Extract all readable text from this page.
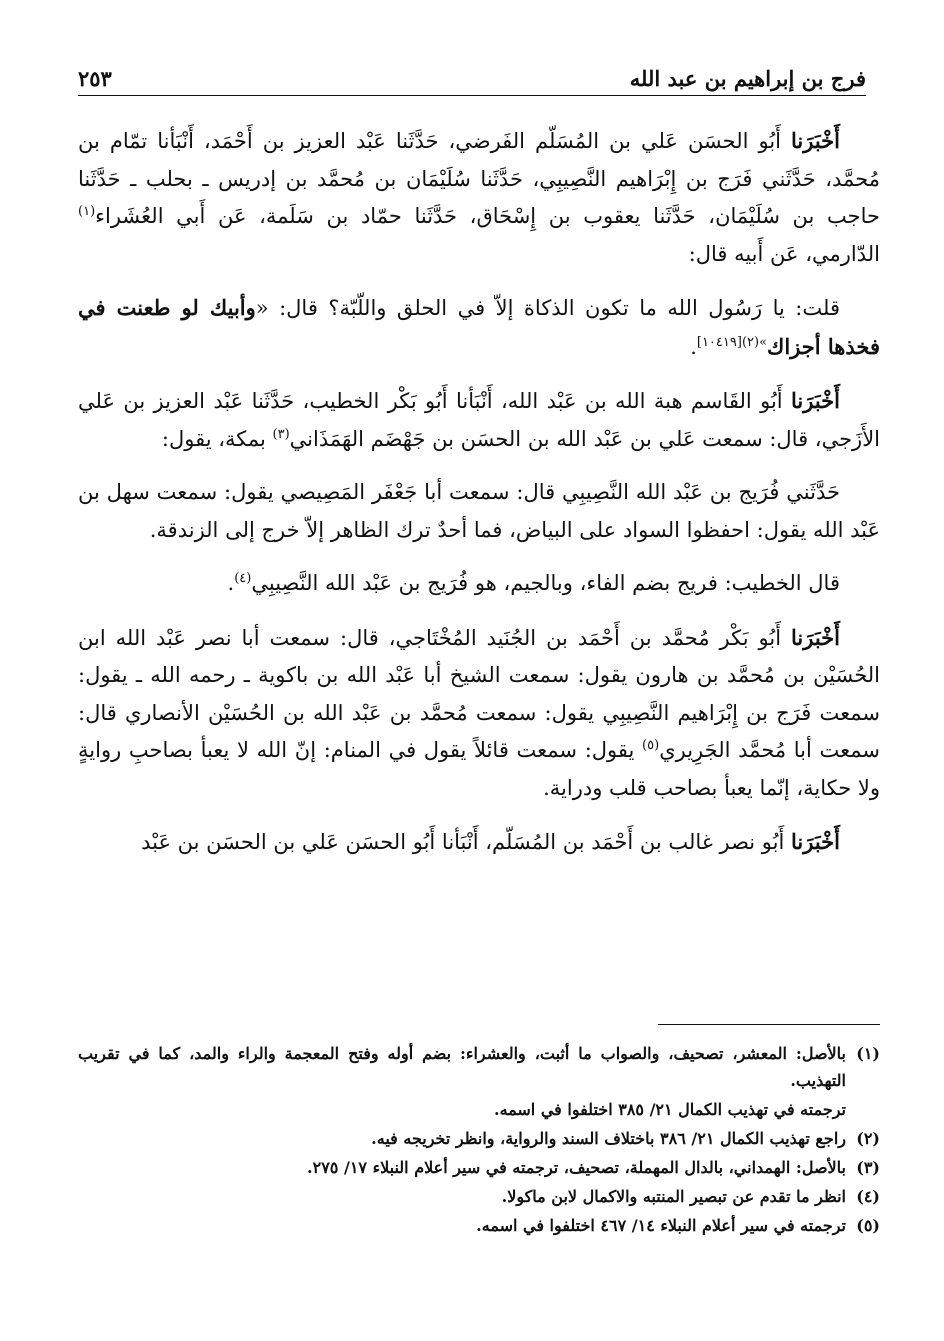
فرج بن إبراهيم بن عبد الله
٢٥٣

أَخْبَرَنا أَبُو الحسَن عَلي بن المُسَلّم الفَرضي، حَدَّثَنا عَبْد العزيز بن أَحْمَد، أَنْبَأنا تمّام بن مُحمَّد، حَدَّثَني فَرَج بن إِبْرَاهيم النَّصِيبِي، حَدَّثَنا سُلَيْمَان بن مُحمَّد بن إدريس ـ بحلب ـ حَدَّثَنا حاجب بن سُلَيْمَان، حَدَّثَنا يعقوب بن إِسْحَاق، حَدَّثَنا حمّاد بن سَلَمة، عَن أَبي العُشَراء$^{(١)}$ الدّارمي، عَن أَبيه قال:

قلت: يا رَسُول الله ما تكون الذكاة إلاّ في الحلق واللّبّة؟ قال: «وأبيك لو طعنت في فخذها أجزاك$^{»(٢)[١٠٤١٩]}$.

أَخْبَرَنا أَبُو القَاسم هبة الله بن عَبْد الله، أَنْبَأنا أَبُو بَكْر الخطيب، حَدَّثَنا عَبْد العزيز بن عَلي الأَزَجي، قال: سمعت عَلي بن عَبْد الله بن الحسَن بن جَهْضَم الهَمَذَاني$^{(٣)}$ بمكة، يقول:

حَدَّثَني فُرَيج بن عَبْد الله النَّصِيبِي قال: سمعت أبا جَعْفَر المَصِيصي يقول: سمعت سهل بن عَبْد الله يقول: احفظوا السواد على البياض، فما أحدٌ ترك الظاهر إلاّ خرج إلى الزندقة.

قال الخطيب: فريج بضم الفاء، وبالجيم، هو فُرَيج بن عَبْد الله النَّصِيبِي$^{(٤)}$.

أَخْبَرَنا أَبُو بَكْر مُحمَّد بن أَحْمَد بن الجُنَيد المُخْتَاجي، قال: سمعت أبا نصر عَبْد الله ابن الحُسَيْن بن مُحمَّد بن هارون يقول: سمعت الشيخ أبا عَبْد الله بن باكوية ـ رحمه الله ـ يقول: سمعت فَرَج بن إِبْرَاهيم النَّصِيبِي يقول: سمعت مُحمَّد بن عَبْد الله بن الحُسَيْن الأنصاري قال: سمعت أبا مُحمَّد الجَرِيري$^{(٥)}$ يقول: سمعت قائلاً يقول في المنام: إنّ الله لا يعبأ بصاحبِ روايةٍ ولا حكاية، إنّما يعبأ بصاحب قلب ودراية.

أَخْبَرَنا أَبُو نصر غالب بن أَحْمَد بن المُسَلّم، أَنْبَأنا أَبُو الحسَن عَلي بن الحسَن بن عَبْد

(١)
بالأصل: المعشر، تصحيف، والصواب ما أثبت، والعشراء: بضم أوله وفتح المعجمة والراء والمد، كما في تقريب التهذيب.
ترجمته في تهذيب الكمال ٢١/ ٣٨٥ اختلفوا في اسمه.
(٢)
راجع تهذيب الكمال ٢١/ ٣٨٦ باختلاف السند والرواية، وانظر تخريجه فيه.
(٣)
بالأصل: الهمداني، بالدال المهملة، تصحيف، ترجمته في سير أعلام النبلاء ١٧/ ٢٧٥.
(٤)
انظر ما تقدم عن تبصير المنتبه والاكمال لابن ماكولا.
(٥)
ترجمته في سير أعلام النبلاء ١٤/ ٤٦٧ اختلفوا في اسمه.
